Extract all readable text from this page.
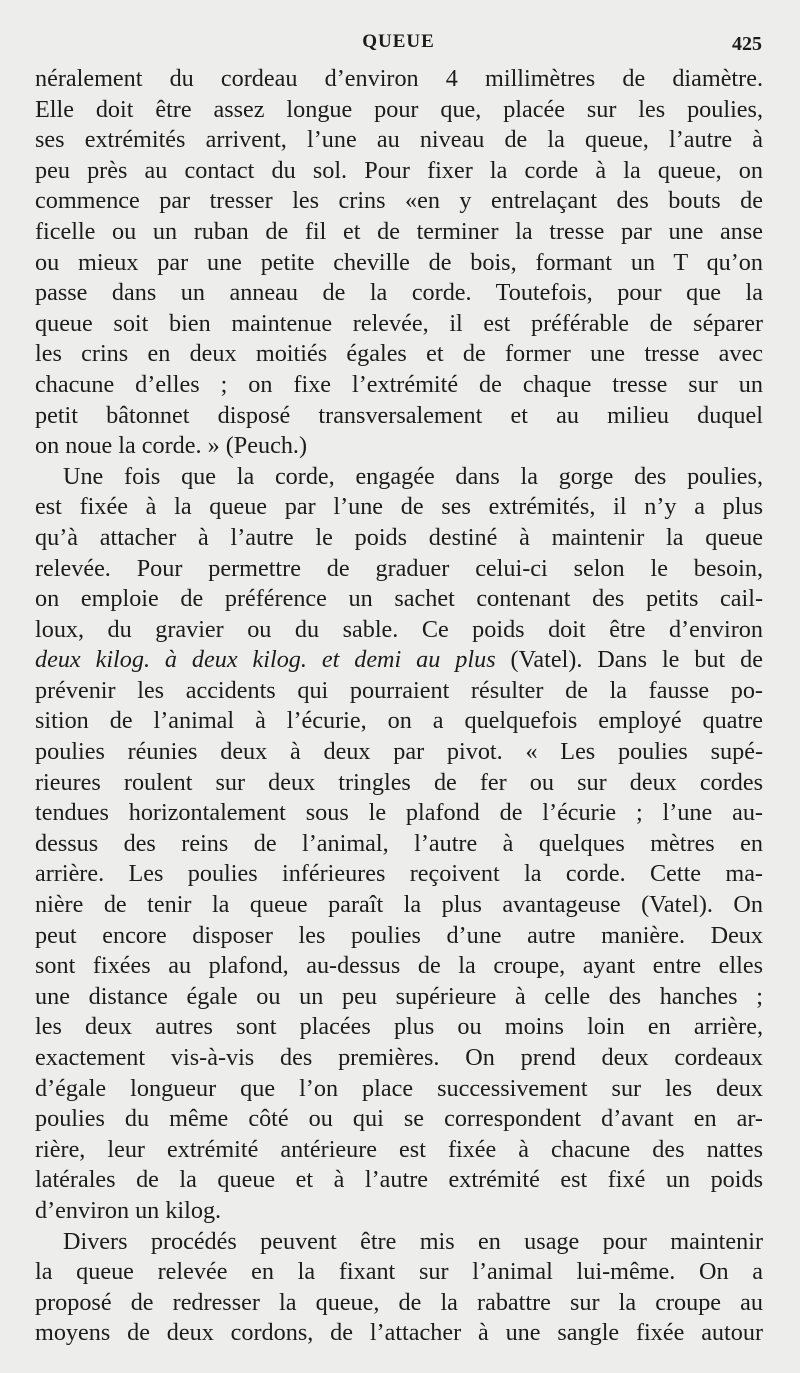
QUEUE	425
néralement du cordeau d’environ 4 millimètres de diamètre.
Elle doit être assez longue pour que, placée sur les poulies,
ses extrémités arrivent, l’une au niveau de la queue, l’autre à
peu près au contact du sol. Pour fixer la corde à la queue, on
commence par tresser les crins «en y entrelaçant des bouts de
ficelle ou un ruban de fil et de terminer la tresse par une anse
ou mieux par une petite cheville de bois, formant un T qu’on
passe dans un anneau de la corde. Toutefois, pour que la
queue soit bien maintenue relevée, il est préférable de séparer
les crins en deux moitiés égales et de former une tresse avec
chacune d’elles ; on fixe l’extrémité de chaque tresse sur un
petit bâtonnet disposé transversalement et au milieu duquel
on noue la corde. » (Peuch.)
Une fois que la corde, engagée dans la gorge des poulies,
est fixée à la queue par l’une de ses extrémités, il n’y a plus
qu’à attacher à l’autre le poids destiné à maintenir la queue
relevée. Pour permettre de graduer celui-ci selon le besoin,
on emploie de préférence un sachet contenant des petits cail-
loux, du gravier ou du sable. Ce poids doit être d’environ
deux kilog. à deux kilog. et demi au plus (Vatel). Dans le but de
prévenir les accidents qui pourraient résulter de la fausse po-
sition de l’animal à l’écurie, on a quelquefois employé quatre
poulies réunies deux à deux par pivot. « Les poulies supé-
rieures roulent sur deux tringles de fer ou sur deux cordes
tendues horizontalement sous le plafond de l’écurie ; l’une au-
dessus des reins de l’animal, l’autre à quelques mètres en
arrière. Les poulies inférieures reçoivent la corde. Cette ma-
nière de tenir la queue paraît la plus avantageuse (Vatel). On
peut encore disposer les poulies d’une autre manière. Deux
sont fixées au plafond, au-dessus de la croupe, ayant entre elles
une distance égale ou un peu supérieure à celle des hanches ;
les deux autres sont placées plus ou moins loin en arrière,
exactement vis-à-vis des premières. On prend deux cordeaux
d’égale longueur que l’on place successivement sur les deux
poulies du même côté ou qui se correspondent d’avant en ar-
rière, leur extrémité antérieure est fixée à chacune des nattes
latérales de la queue et à l’autre extrémité est fixé un poids
d’environ un kilog.
Divers procédés peuvent être mis en usage pour maintenir
la queue relevée en la fixant sur l’animal lui-même. On a
proposé de redresser la queue, de la rabattre sur la croupe au
moyens de deux cordons, de l’attacher à une sangle fixée autour
